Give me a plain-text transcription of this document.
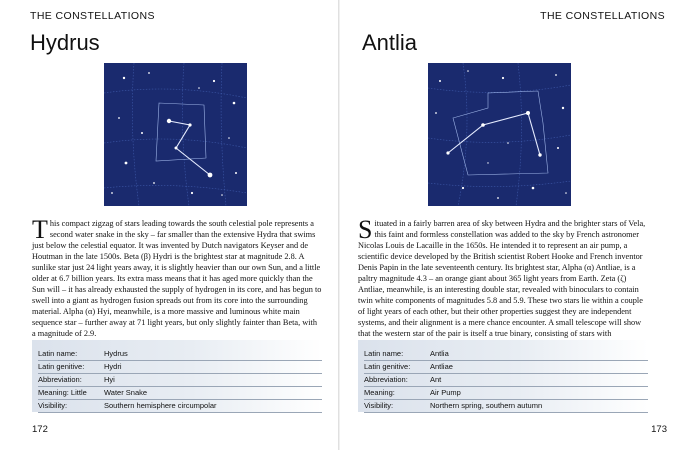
THE CONSTELLATIONS
Hydrus

This compact zigzag of stars leading towards the south celestial pole represents a second water snake in the sky – far smaller than the extensive Hydra that swims just below the celestial equator. It was invented by Dutch navigators Keyser and de Houtman in the late 1500s. Beta (β) Hydri is the brightest star at magnitude 2.8. A sunlike star just 24 light years away, it is slightly heavier than our own Sun, and a little older at 6.7 billion years. Its extra mass means that it has aged more quickly than the Sun will – it has already exhausted the supply of hydrogen in its core, and has begun to swell into a giant as hydrogen fusion spreads out from its core into the surrounding material. Alpha (α) Hyi, meanwhile, is a more massive and luminous white main sequence star – further away at 71 light years, but only slightly fainter than Beta, with a magnitude of 2.9.

Latin name:	Hydrus
Latin genitive:	Hydri
Abbreviation:	Hyi
Meaning: Little Water Snake
Visibility:	Southern hemisphere circumpolar
172
THE CONSTELLATIONS
Antlia

Situated in a fairly barren area of sky between Hydra and the brighter stars of Vela, this faint and formless constellation was added to the sky by French astronomer Nicolas Louis de Lacaille in the 1650s. He intended it to represent an air pump, a scientific device developed by the British scientist Robert Hooke and French inventor Denis Papin in the late seventeenth century. Its brightest star, Alpha (α) Antliae, is a paltry magnitude 4.3 – an orange giant about 365 light years from Earth. Zeta (ζ) Antliae, meanwhile, is an interesting double star, revealed with binoculars to contain twin white components of magnitudes 5.8 and 5.9. These two stars lie within a couple of light years of each other, but their other properties suggest they are independent systems, and their alignment is a mere chance encounter. A small telescope will show that the western star of the pair is itself a true binary, consisting of stars with

Latin name:	Antlia
Latin genitive:	Antliae
Abbreviation:	Ant
Meaning:	Air Pump
Visibility:	Northern spring, southern autumn
173
